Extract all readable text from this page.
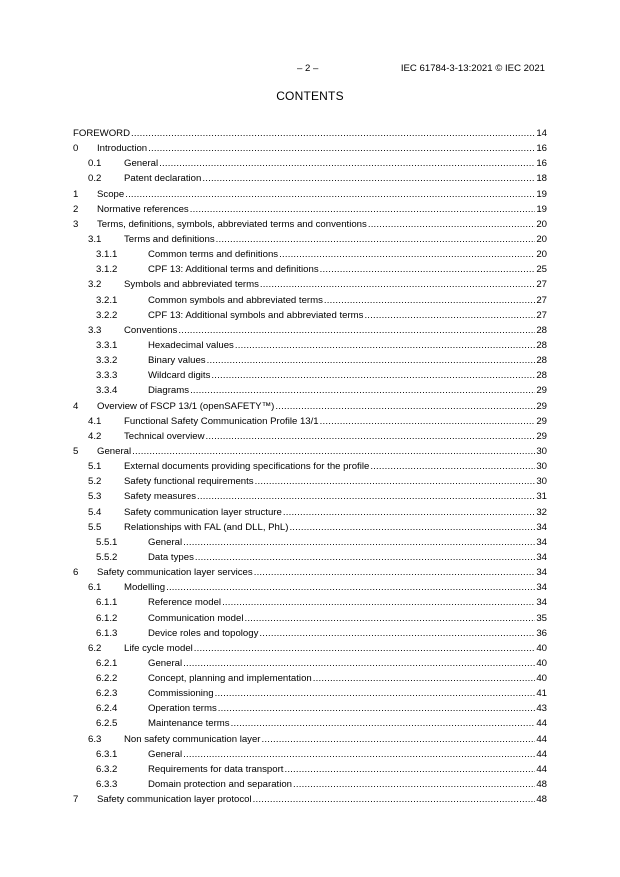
– 2 –	IEC 61784-3-13:2021 © IEC 2021
CONTENTS
FOREWORD .....	14
0	Introduction .....	16
0.1	General .....	16
0.2	Patent declaration .....	18
1	Scope .....	19
2	Normative references .....	19
3	Terms, definitions, symbols, abbreviated terms and conventions .....	20
3.1	Terms and definitions .....	20
3.1.1	Common terms and definitions .....	20
3.1.2	CPF 13: Additional terms and definitions .....	25
3.2	Symbols and abbreviated terms .....	27
3.2.1	Common symbols and abbreviated terms .....	27
3.2.2	CPF 13: Additional symbols and abbreviated terms .....	27
3.3	Conventions .....	28
3.3.1	Hexadecimal values .....	28
3.3.2	Binary values .....	28
3.3.3	Wildcard digits .....	28
3.3.4	Diagrams .....	29
4	Overview of FSCP 13/1 (openSAFETY™) .....	29
4.1	Functional Safety Communication Profile 13/1 .....	29
4.2	Technical overview .....	29
5	General .....	30
5.1	External documents providing specifications for the profile .....	30
5.2	Safety functional requirements .....	30
5.3	Safety measures .....	31
5.4	Safety communication layer structure .....	32
5.5	Relationships with FAL (and DLL, PhL) .....	34
5.5.1	General .....	34
5.5.2	Data types .....	34
6	Safety communication layer services .....	34
6.1	Modelling .....	34
6.1.1	Reference model .....	34
6.1.2	Communication model .....	35
6.1.3	Device roles and topology .....	36
6.2	Life cycle model .....	40
6.2.1	General .....	40
6.2.2	Concept, planning and implementation .....	40
6.2.3	Commissioning .....	41
6.2.4	Operation terms .....	43
6.2.5	Maintenance terms .....	44
6.3	Non safety communication layer .....	44
6.3.1	General .....	44
6.3.2	Requirements for data transport .....	44
6.3.3	Domain protection and separation .....	48
7	Safety communication layer protocol .....	48
